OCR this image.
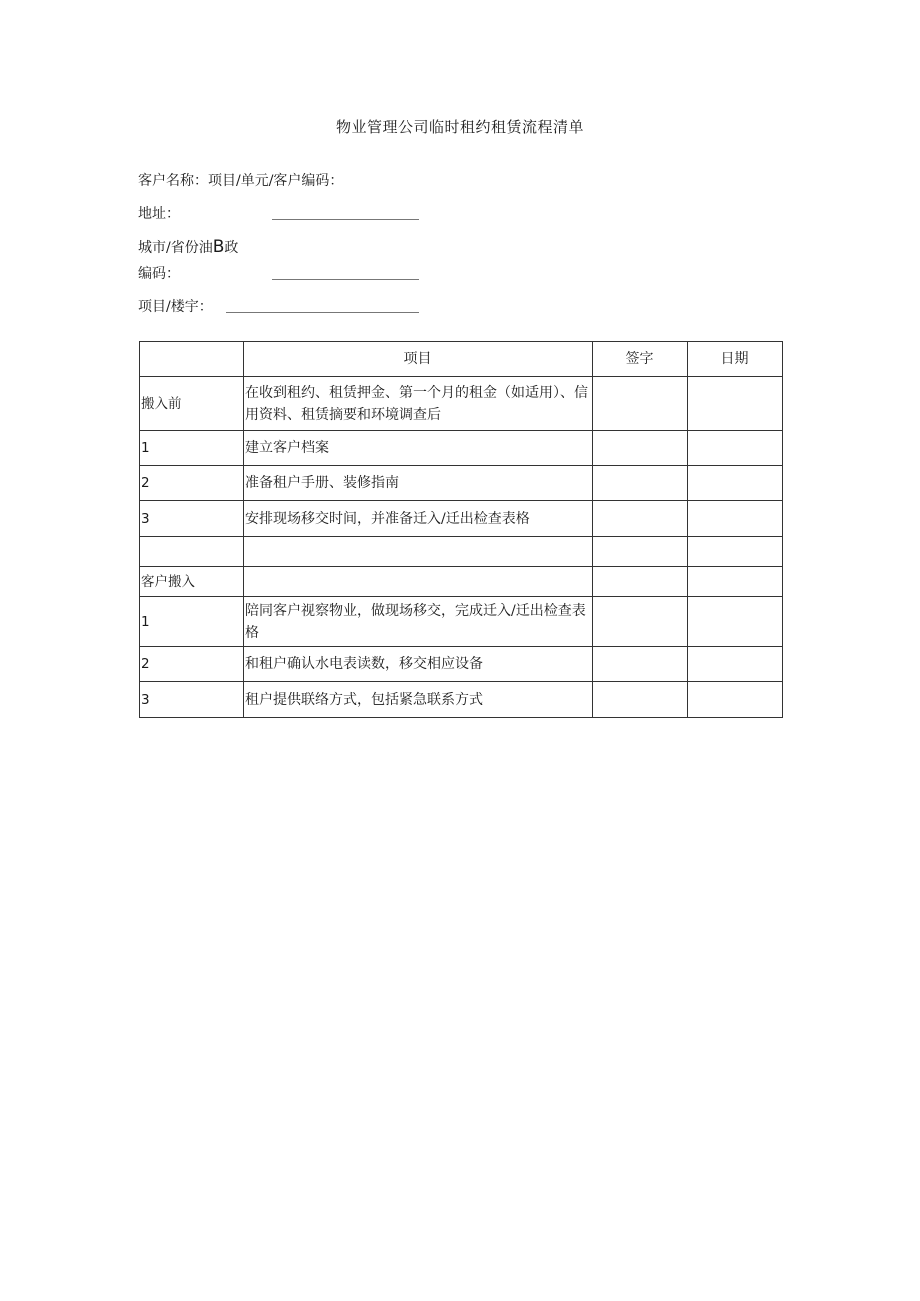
物业管理公司临时租约租赁流程清单
客户名称：项目/单元/客户编码：
地址：
城市/省份油B政
编码：
项目/楼宇：
	项目	签字	日期
搬入前	在收到租约、租赁押金、第一个月的租金（如适用）、信用资料、租赁摘要和环境调查后		
1	建立客户档案		
2	准备租户手册、装修指南		
3	安排现场移交时间，并准备迁入/迁出检查表格		

客户搬入			
1	陪同客户视察物业，做现场移交，完成迁入/迁出检查表格		
2	和租户确认水电表读数，移交相应设备		
3	租户提供联络方式，包括紧急联系方式		
